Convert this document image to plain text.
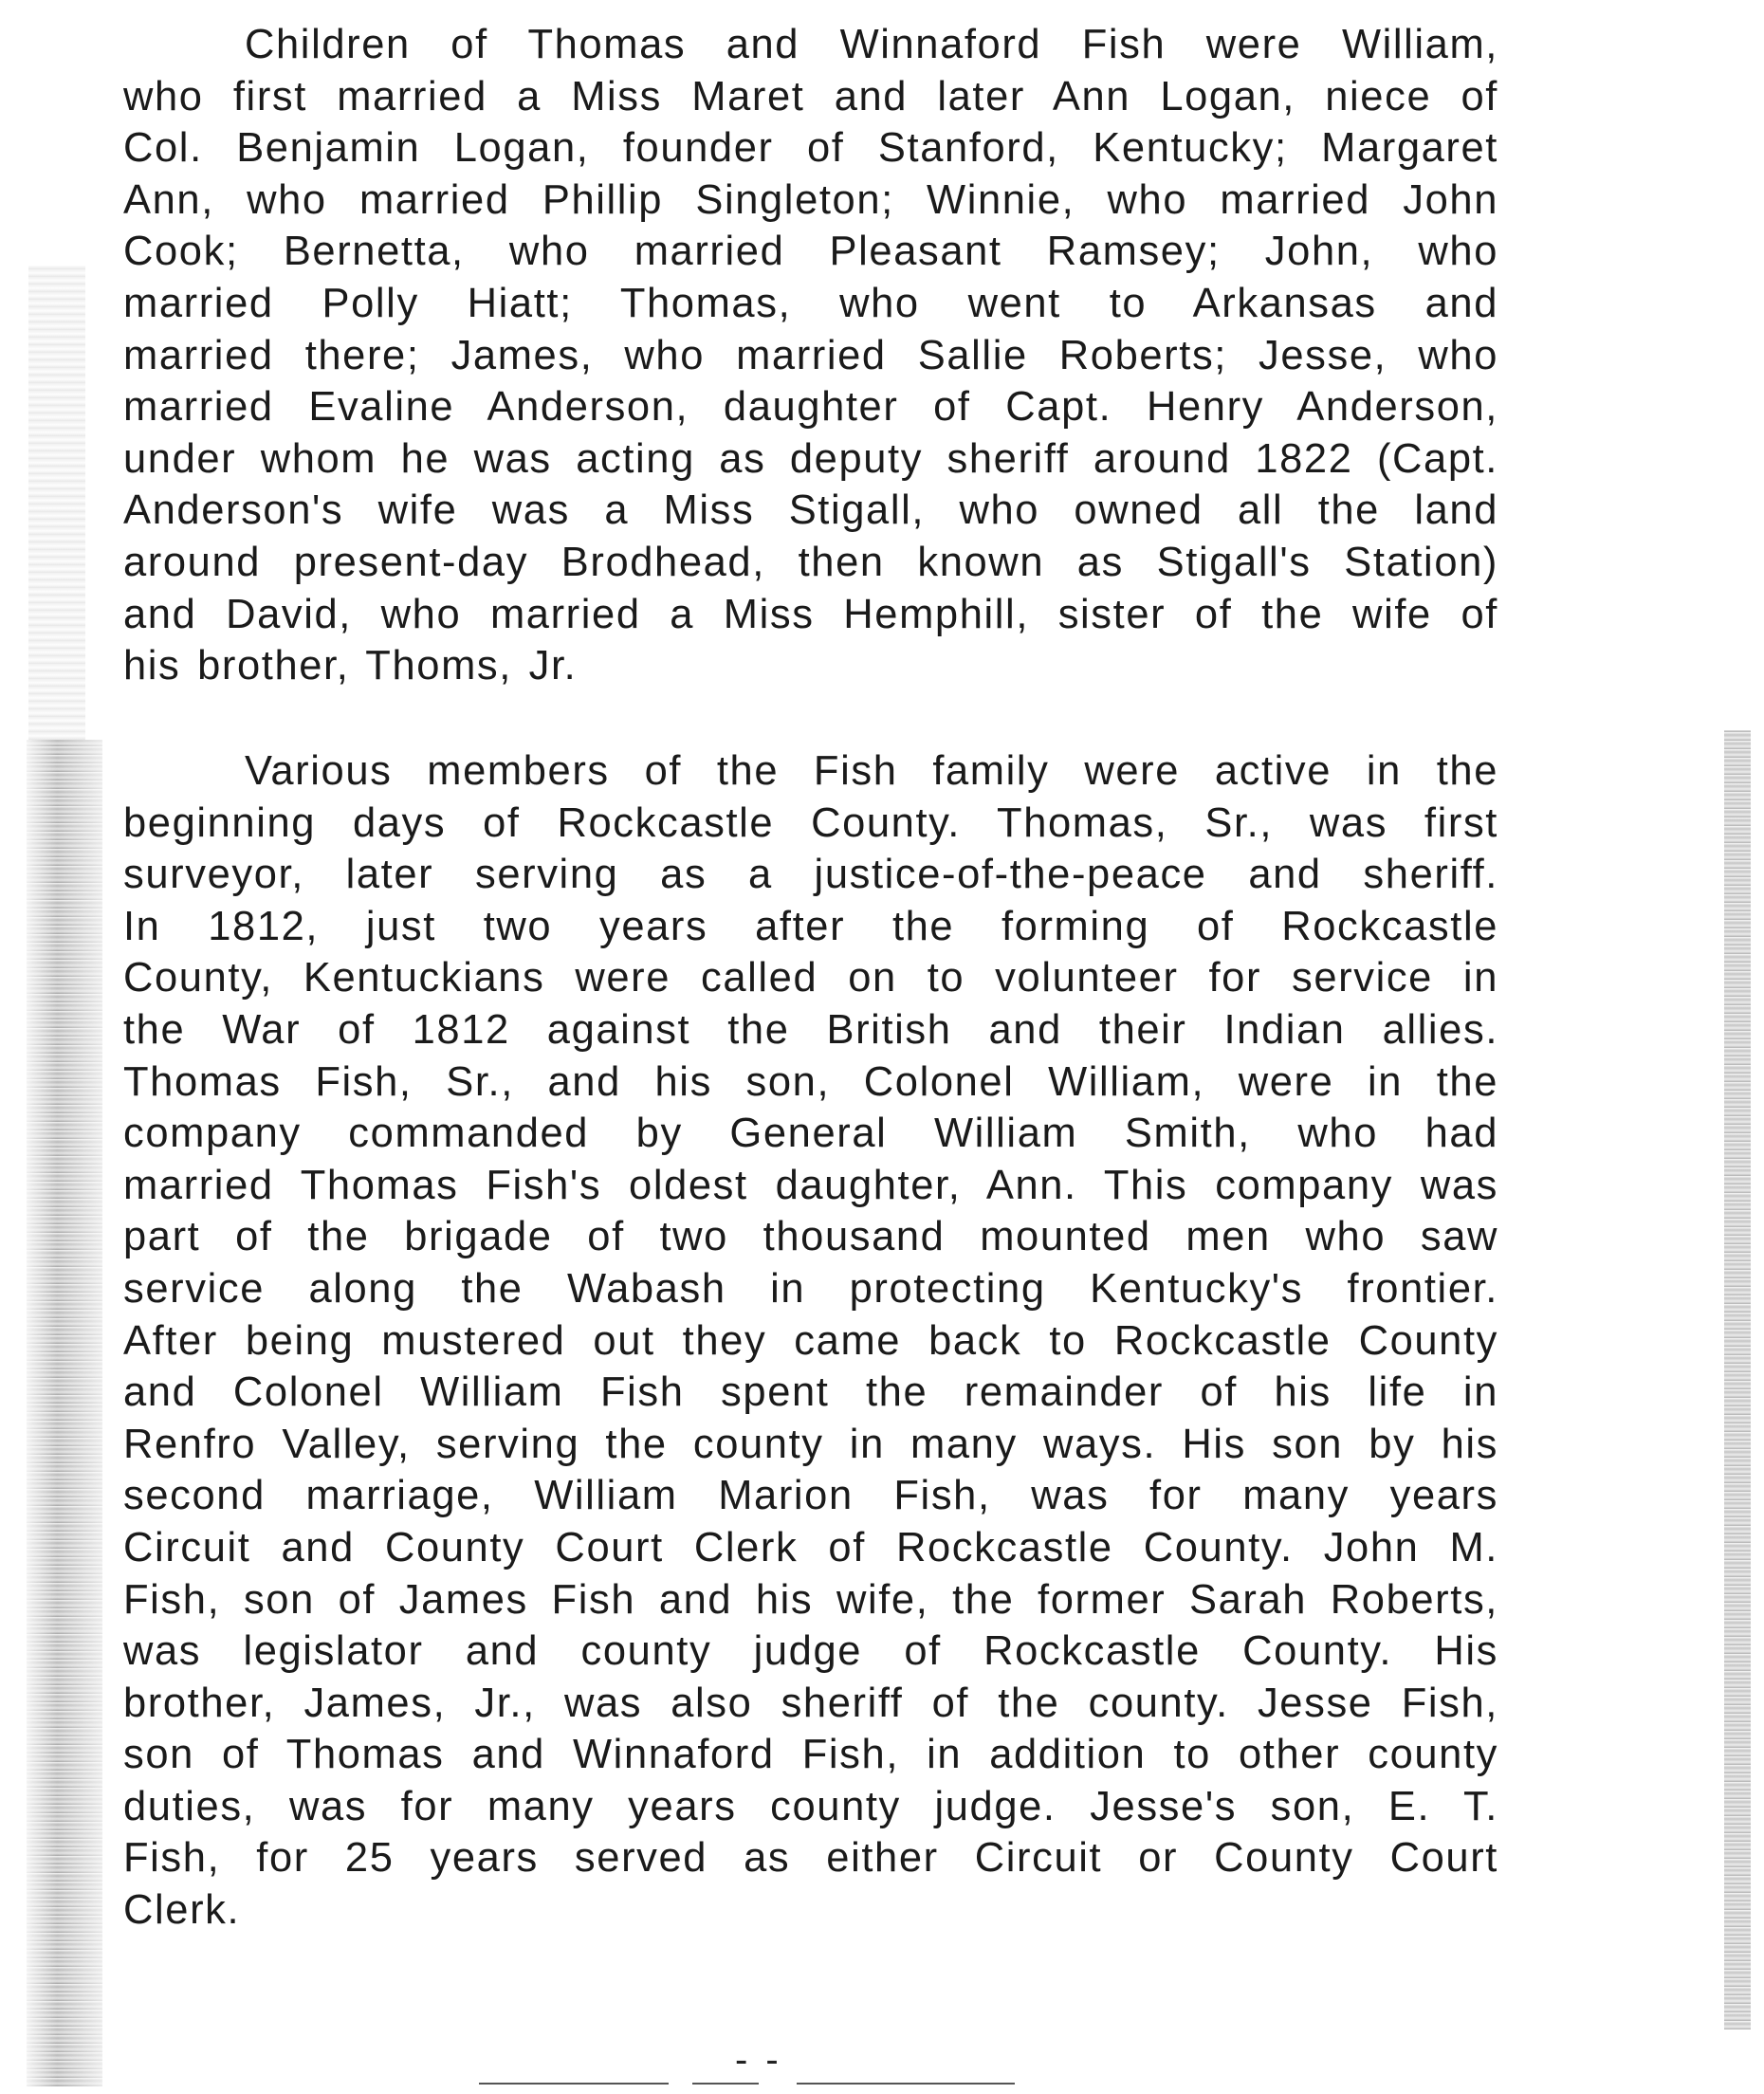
Children of Thomas and Winnaford Fish were William,
who first married a Miss Maret and later Ann Logan, niece of
Col. Benjamin Logan, founder of Stanford, Kentucky; Margaret
Ann, who married Phillip Singleton; Winnie, who married John
Cook; Bernetta, who married Pleasant Ramsey; John, who
married Polly Hiatt; Thomas, who went to Arkansas and
married there; James, who married Sallie Roberts; Jesse, who
married Evaline Anderson, daughter of Capt. Henry Anderson,
under whom he was acting as deputy sheriff around 1822 (Capt.
Anderson's wife was a Miss Stigall, who owned all the land
around present-day Brodhead, then known as Stigall's Station)
and David, who married a Miss Hemphill, sister of the wife of
his brother, Thoms, Jr.
Various members of the Fish family were active in the
beginning days of Rockcastle County. Thomas, Sr., was first
surveyor, later serving as a justice-of-the-peace and sheriff.
In 1812, just two years after the forming of Rockcastle
County, Kentuckians were called on to volunteer for service in
the War of 1812 against the British and their Indian allies.
Thomas Fish, Sr., and his son, Colonel William, were in the
company commanded by General William Smith, who had
married Thomas Fish's oldest daughter, Ann. This company was
part of the brigade of two thousand mounted men who saw
service along the Wabash in protecting Kentucky's frontier.
After being mustered out they came back to Rockcastle County
and Colonel William Fish spent the remainder of his life in
Renfro Valley, serving the county in many ways. His son by his
second marriage, William Marion Fish, was for many years
Circuit and County Court Clerk of Rockcastle County. John M.
Fish, son of James Fish and his wife, the former Sarah Roberts,
was legislator and county judge of Rockcastle County. His
brother, James, Jr., was also sheriff of the county. Jesse Fish,
son of Thomas and Winnaford Fish, in addition to other county
duties, was for many years county judge. Jesse's son, E. T.
Fish, for 25 years served as either Circuit or County Court
Clerk.
- -
